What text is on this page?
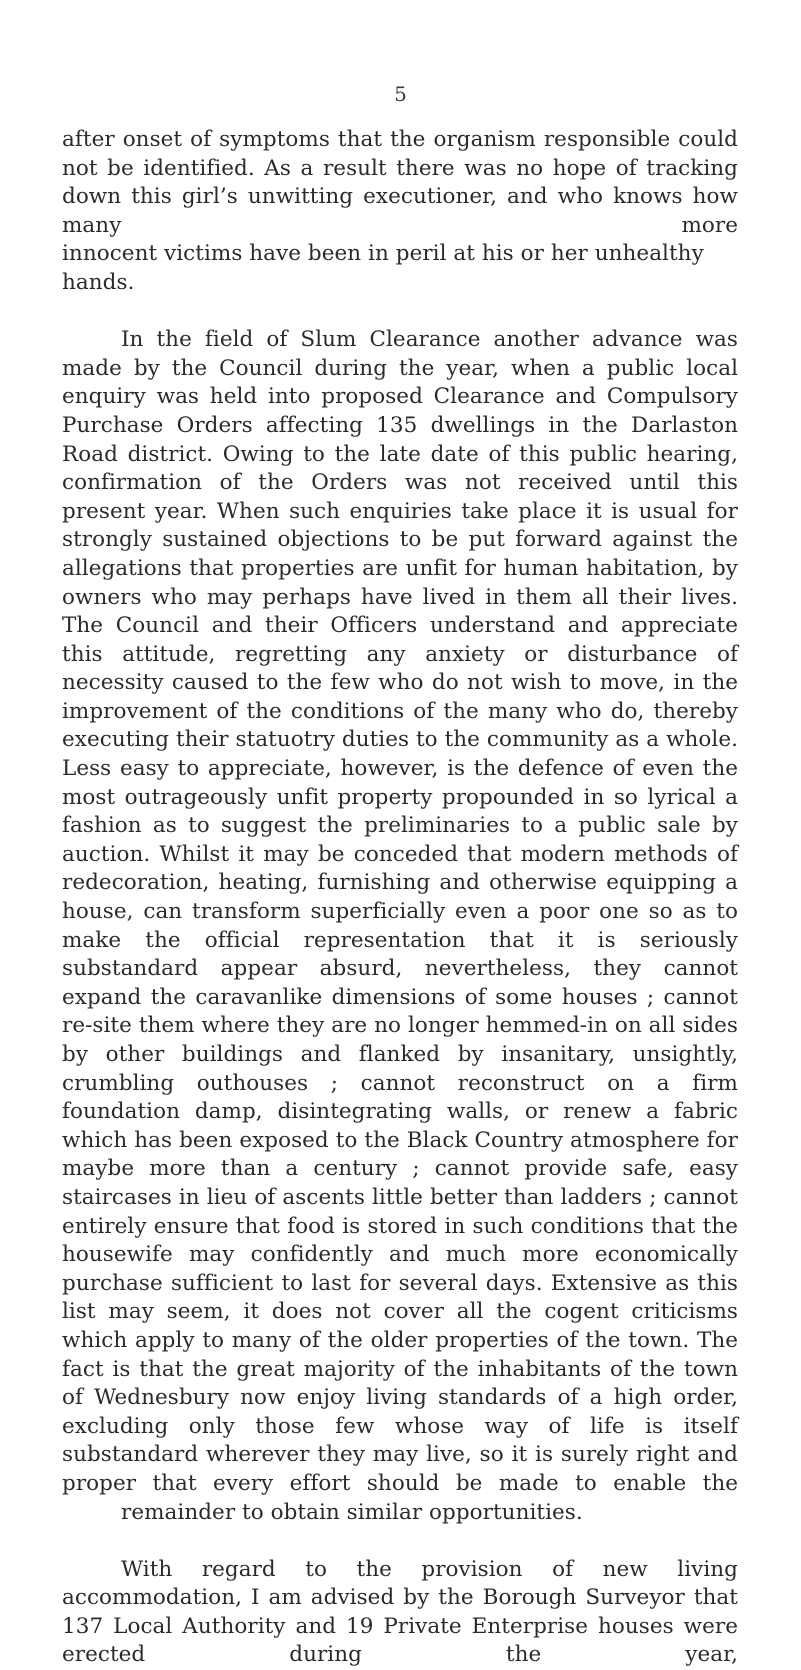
5

after onset of symptoms that the organism responsible could not be identified. As a result there was no hope of tracking down this girl’s unwitting executioner, and who knows how many more
innocent victims have been in peril at his or her unhealthy hands.

In the field of Slum Clearance another advance was made by the Council during the year, when a public local enquiry was held into proposed Clearance and Compulsory Purchase Orders affecting 135 dwellings in the Darlaston Road district. Owing to the late date of this public hearing, confirmation of the Orders was not received until this present year. When such enquiries take place it is usual for strongly sustained objections to be put forward against the allegations that properties are unfit for human habitation, by owners who may perhaps have lived in them all their lives. The Council and their Officers understand and appreciate this attitude, regretting any anxiety or disturbance of necessity caused to the few who do not wish to move, in the improvement of the conditions of the many who do, thereby executing their statuotry duties to the community as a whole. Less easy to appreciate, however, is the defence of even the most outrageously unfit property propounded in so lyrical a fashion as to suggest the preliminaries to a public sale by auction. Whilst it may be conceded that modern methods of redecoration, heating, furnishing and otherwise equipping a house, can transform superficially even a poor one so as to make the official representation that it is seriously substandard appear absurd, nevertheless, they cannot expand the caravanlike dimensions of some houses ; cannot re-site them where they are no longer hemmed-in on all sides by other buildings and flanked by insanitary, unsightly, crumbling outhouses ; cannot reconstruct on a firm foundation damp, disintegrating walls, or renew a fabric which has been exposed to the Black Country atmosphere for maybe more than a century ; cannot provide safe, easy staircases in lieu of ascents little better than ladders ; cannot entirely ensure that food is stored in such conditions that the housewife may confidently and much more economically purchase sufficient to last for several days. Extensive as this list may seem, it does not cover all the cogent criticisms which apply to many of the older properties of the town. The fact is that the great majority of the inhabitants of the town of Wednesbury now enjoy living standards of a high order, excluding only those few whose way of life is itself substandard wherever they may live, so it is surely right and proper that every effort should be made to enable the
remainder to obtain similar opportunities.

With regard to the provision of new living accommodation, I am advised by the Borough Surveyor that 137 Local Authority and 19 Private Enterprise houses were erected during the year,
